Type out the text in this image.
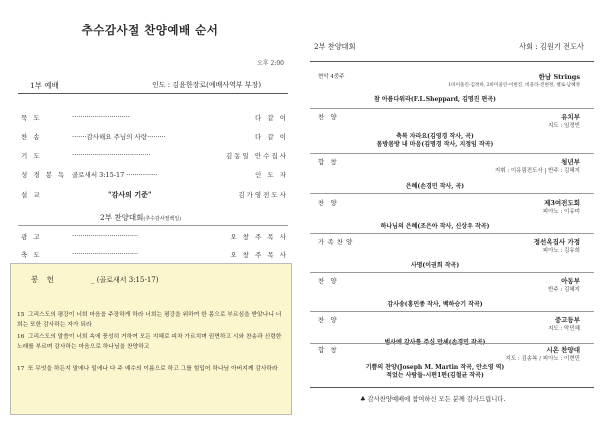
추수감사절 찬양예배 순서
오후 2:00
1부 예배	인도 : 김윤한장로(예배사역부 부장)
묵 도	····························	다 같 이
찬 송	·······감사해요 주님의 사랑·········	다 같 이
기 도	······································	김동일 안수집사
성 경 봉 독 골로새서 3:15-17 ···············	인 도 자
설 교	"감사의 기준"	김가영전도사
2부 찬양대회(추수감사절백일)
광 고	································	오 창 주 목 사
축 도	································	오 창 주 목 사
봉 헌	_ (골로새서 3:15-17)
15 그리스도의 평강이 너희 마음을 주장하게 하라 너희는 평강을 위하여 한 몸으로 부르심을 받았나니 너희는 또한 감사하는 자가 되라
16 그리스도의 말씀이 너희 속에 풍성히 거하여 모든 지혜로 피차 가르치며 권면하고 시와 찬송과 신령한 노래를 부르며 감사하는 마음으로 하나님을 찬양하고
17 또 무엇을 하든지 말에나 일에나 다 주 예수의 이름으로 하고 그를 힘입어 하나님 아버지께 감사하라
2부 찬양대회	사회 : 김원기 전도사
현악 4중주	한남 Strings
1바이올린-김정하, 2바이올린-이현진, 비올라-전현정, 첼로-남혜정
참 아름다워라(F.L.Sheppard, 김명진 편곡)
찬 양	유치부
지도 : 임정빈
축복 자라요(김영경 작사, 곡)
몸방몸방 내 마음(김명경 작사, 지정임 작곡)
합 창	청년부
지휘 : 이유림전도사 | 반주 : 김혜지
은혜(손경민 작사, 곡)
찬 양	제3여전도회
피아노 : 이유미
하나님의 은혜(조은아 작사, 신상우 작곡)
가 족 찬 양	정선옥집사 가정
피아노 : 김유희
사명(이권희 작곡)
찬 양	아동부
반주 : 김혜지
감사송(홍민종 작사, 백하승기 작곡)
찬 양	중고등부
지도 : 막민혜
범사에 감사를 주십 만세(손경민 작곡)
합 창	시온 찬양대
지도 : 김송복 / 피아노 : 이현민
기쁨의 찬양(Joseph M. Martin 작곡, 안소영 역)
적었는 사람들-시편1편(김철균 작곡)
♣ 감사찬양예배에 참여하신 모든 분께 감사드립니다.
